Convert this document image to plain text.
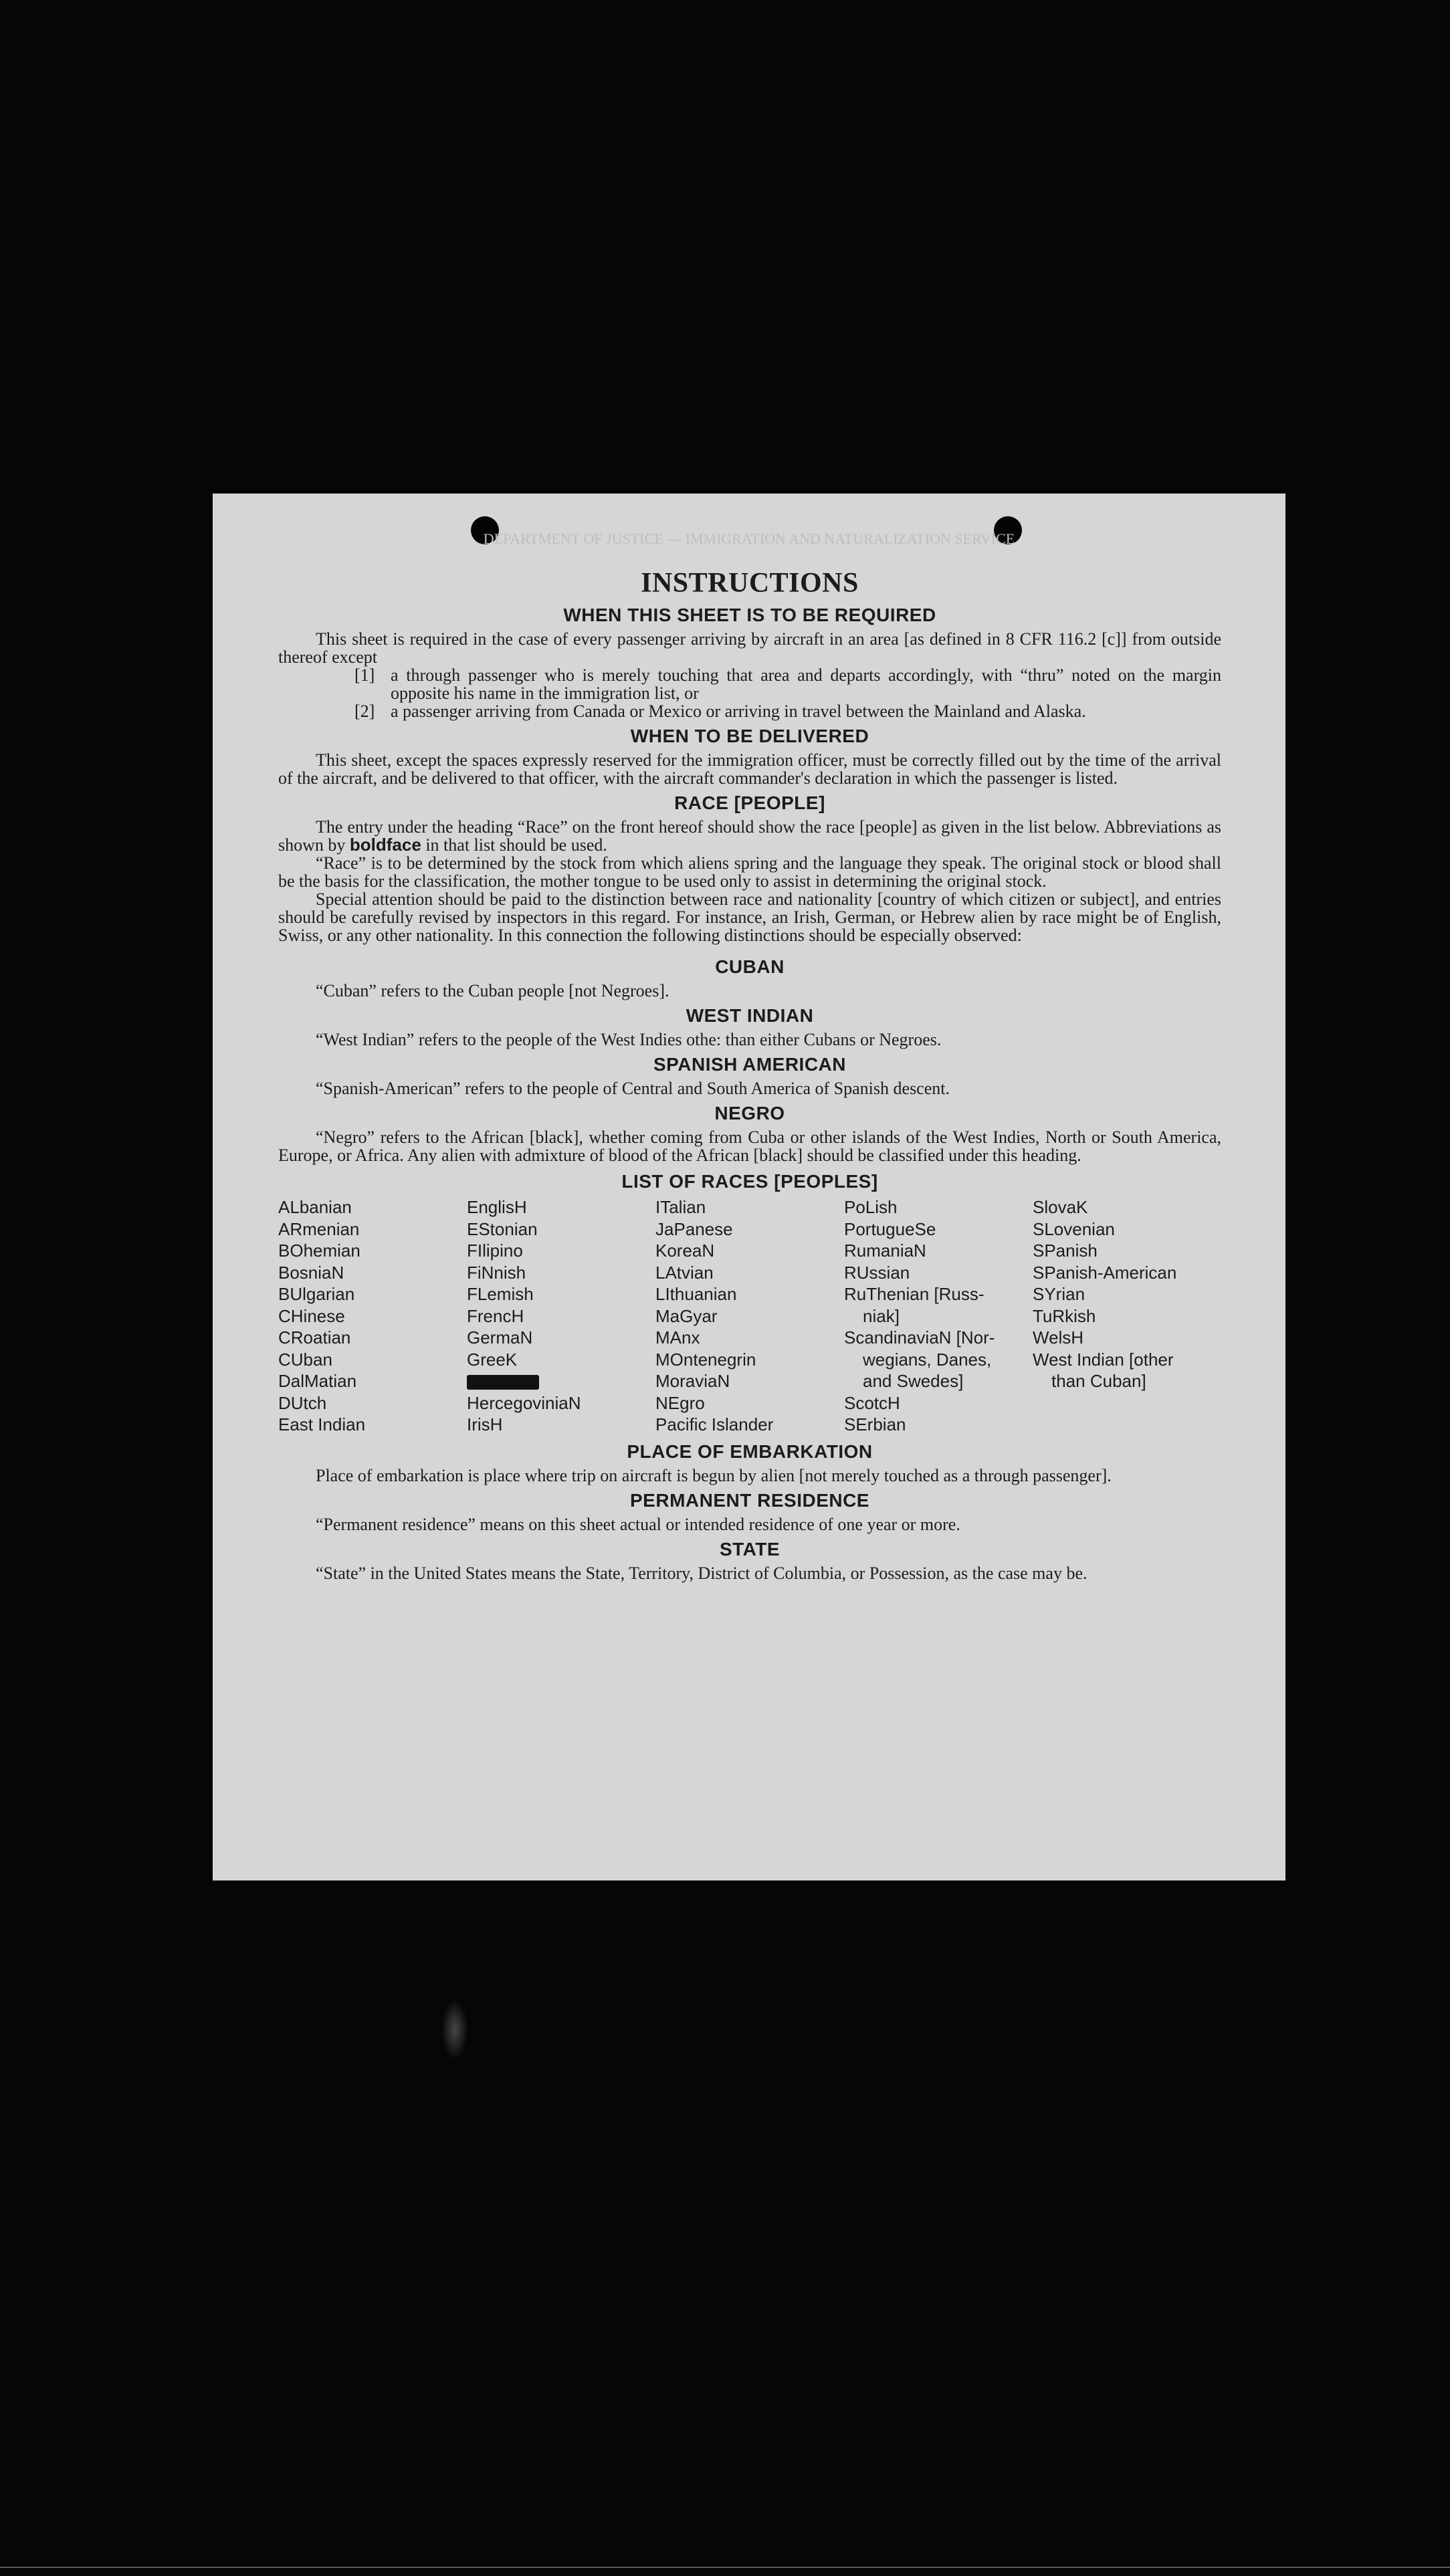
DEPARTMENT OF JUSTICE — IMMIGRATION AND NATURALIZATION SERVICE
INSTRUCTIONS
WHEN THIS SHEET IS TO BE REQUIRED

This sheet is required in the case of every passenger arriving by aircraft in an area [as defined in 8 CFR 116.2 [c]] from outside thereof except

[1] a through passenger who is merely touching that area and departs accordingly, with “thru” noted on the margin opposite his name in the immigration list, or
[2] a passenger arriving from Canada or Mexico or arriving in travel between the Mainland and Alaska.
WHEN TO BE DELIVERED

This sheet, except the spaces expressly reserved for the immigration officer, must be correctly filled out by the time of the arrival of the aircraft, and be delivered to that officer, with the aircraft commander's declaration in which the passenger is listed.

RACE [PEOPLE]

The entry under the heading “Race” on the front hereof should show the race [people] as given in the list below. Abbreviations as shown by boldface in that list should be used.

“Race” is to be determined by the stock from which aliens spring and the language they speak. The original stock or blood shall be the basis for the classification, the mother tongue to be used only to assist in determining the original stock.

Special attention should be paid to the distinction between race and nationality [country of which citizen or subject], and entries should be carefully revised by inspectors in this regard. For instance, an Irish, German, or Hebrew alien by race might be of English, Swiss, or any other nationality. In this connection the following distinctions should be especially observed:

CUBAN

“Cuban” refers to the Cuban people [not Negroes].

WEST INDIAN

“West Indian” refers to the people of the West Indies othe: than either Cubans or Negroes.

SPANISH AMERICAN

“Spanish-American” refers to the people of Central and South America of Spanish descent.

NEGRO

“Negro” refers to the African [black], whether coming from Cuba or other islands of the West Indies, North or South America, Europe, or Africa. Any alien with admixture of blood of the African [black] should be classified under this heading.

LIST OF RACES [PEOPLES]
ALbanian
ARmenian
BOhemian
BosniaN
BUlgarian
CHinese
CRoatian
CUban
DalMatian
DUtch
East Indian
EnglisH
EStonian
FIlipino
FiNnish
FLemish
FrencH
GermaN
GreeK
HercegoviniaN
IrisH
ITalian
JaPanese
KoreaN
LAtvian
LIthuanian
MaGyar
MAnx
MOntenegrin
MoraviaN
NEgro
Pacific Islander
PoLish
PortugueSe
RumaniaN
RUssian
RuThenian [Russ-
niak]
ScandinaviaN [Nor-
wegians, Danes,
and Swedes]
ScotcH
SErbian
SlovaK
SLovenian
SPanish
SPanish-American
SYrian
TuRkish
WelsH
West Indian [other
than Cuban]
PLACE OF EMBARKATION

Place of embarkation is place where trip on aircraft is begun by alien [not merely touched as a through passenger].

PERMANENT RESIDENCE

“Permanent residence” means on this sheet actual or intended residence of one year or more.

STATE

“State” in the United States means the State, Territory, District of Columbia, or Possession, as the case may be.
